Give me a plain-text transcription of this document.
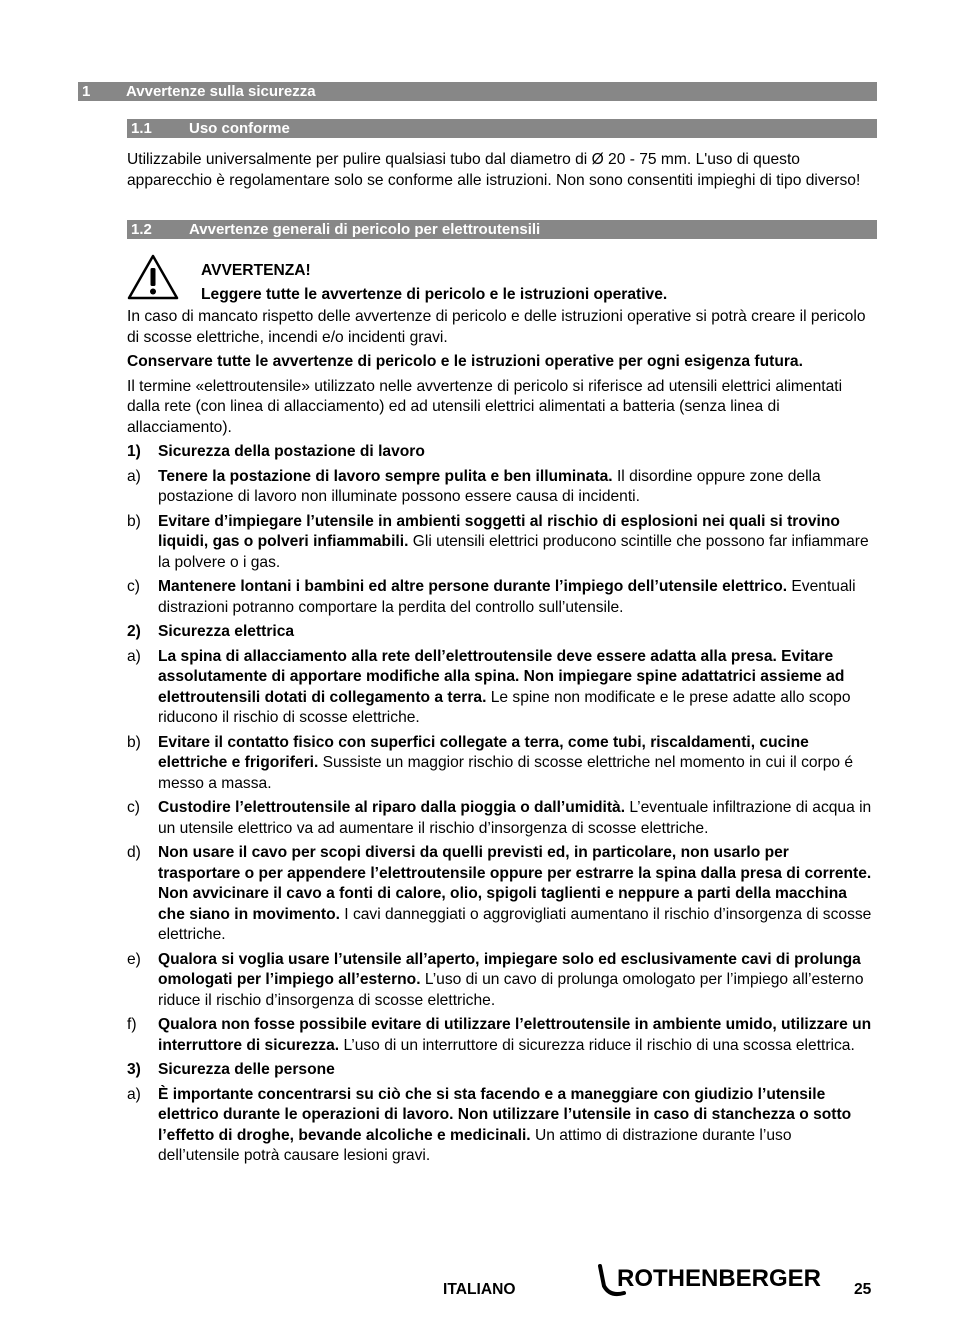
1 Avvertenze sulla sicurezza
1.1 Uso conforme

Utilizzabile universalmente per pulire qualsiasi tubo dal diametro di Ø 20 - 75 mm. L'uso di questo apparecchio è regolamentare solo se conforme alle istruzioni. Non sono consentiti impieghi di tipo diverso!

1.2 Avvertenze generali di pericolo per elettroutensili
AVVERTENZA!
Leggere tutte le avvertenze di pericolo e le istruzioni operative.

In caso di mancato rispetto delle avvertenze di pericolo e delle istruzioni operative si potrà creare il pericolo di scosse elettriche, incendi e/o incidenti gravi.

Conservare tutte le avvertenze di pericolo e le istruzioni operative per ogni esigenza futura.

Il termine «elettroutensile» utilizzato nelle avvertenze di pericolo si riferisce ad utensili elettrici alimentati dalla rete (con linea di allacciamento) ed ad utensili elettrici alimentati a batteria (senza linea di allacciamento).

1) Sicurezza della postazione di lavoro
a) Tenere la postazione di lavoro sempre pulita e ben illuminata. Il disordine oppure zone della postazione di lavoro non illuminate possono essere causa di incidenti.
b) Evitare d’impiegare l’utensile in ambienti soggetti al rischio di esplosioni nei quali si trovino liquidi, gas o polveri infiammabili. Gli utensili elettrici producono scintille che possono far infiammare la polvere o i gas.
c) Mantenere lontani i bambini ed altre persone durante l’impiego dell’utensile elettrico. Eventuali distrazioni potranno comportare la perdita del controllo sull’utensile.
2) Sicurezza elettrica
a) La spina di allacciamento alla rete dell’elettroutensile deve essere adatta alla presa. Evitare assolutamente di apportare modifiche alla spina. Non impiegare spine adattatrici assieme ad elettroutensili dotati di collegamento a terra. Le spine non modificate e le prese adatte allo scopo riducono il rischio di scosse elettriche.
b) Evitare il contatto fisico con superfici collegate a terra, come tubi, riscaldamenti, cucine elettriche e frigoriferi. Sussiste un maggior rischio di scosse elettriche nel momento in cui il corpo é messo a massa.
c) Custodire l’elettroutensile al riparo dalla pioggia o dall’umidità. L’eventuale infiltrazione di acqua in un utensile elettrico va ad aumentare il rischio d’insorgenza di scosse elettriche.
d) Non usare il cavo per scopi diversi da quelli previsti ed, in particolare, non usarlo per trasportare o per appendere l’elettroutensile oppure per estrarre la spina dalla presa di corrente. Non avvicinare il cavo a fonti di calore, olio, spigoli taglienti e neppure a parti della macchina che siano in movimento. I cavi danneggiati o aggrovigliati aumentano il rischio d’insorgenza di scosse elettriche.
e) Qualora si voglia usare l’utensile all’aperto, impiegare solo ed esclusivamente cavi di prolunga omologati per l’impiego all’esterno. L’uso di un cavo di prolunga omologato per l’impiego all’esterno riduce il rischio d’insorgenza di scosse elettriche.
f) Qualora non fosse possibile evitare di utilizzare l’elettroutensile in ambiente umido, utilizzare un interruttore di sicurezza. L’uso di un interruttore di sicurezza riduce il rischio di una scossa elettrica.
3) Sicurezza delle persone
a) È importante concentrarsi su ciò che si sta facendo e a maneggiare con giudizio l’utensile elettrico durante le operazioni di lavoro. Non utilizzare l’utensile in caso di stanchezza o sotto l’effetto di droghe, bevande alcoliche e medicinali. Un attimo di distrazione durante l’uso dell’utensile potrà causare lesioni gravi.
ITALIANO	ROTHENBERGER 25
